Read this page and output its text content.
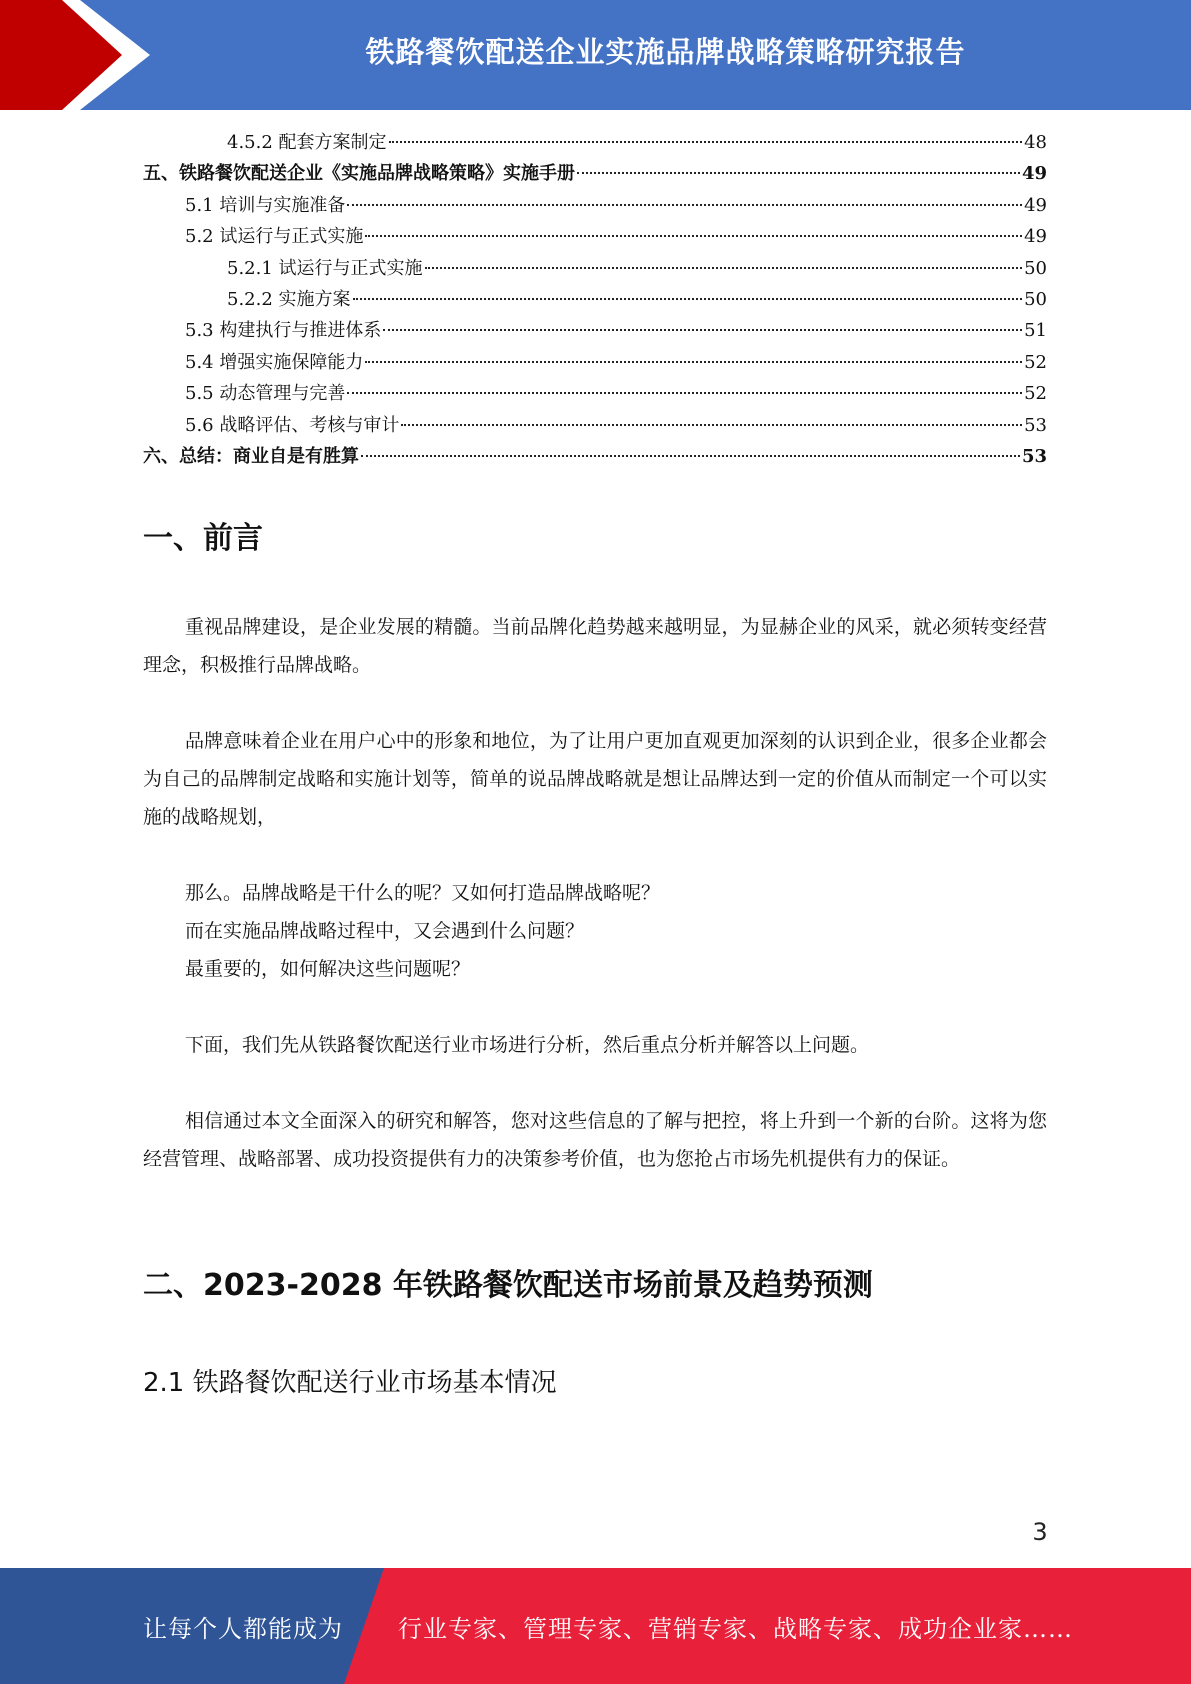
铁路餐饮配送企业实施品牌战略策略研究报告
4.5.2 配套方案制定	48
五、铁路餐饮配送企业《实施品牌战略策略》实施手册	49
5.1 培训与实施准备	49
5.2 试运行与正式实施	49
5.2.1 试运行与正式实施	50
5.2.2 实施方案	50
5.3 构建执行与推进体系	51
5.4 增强实施保障能力	52
5.5 动态管理与完善	52
5.6 战略评估、考核与审计	53
六、总结：商业自是有胜算	53
一、前言

重视品牌建设，是企业发展的精髓。当前品牌化趋势越来越明显，为显赫企业的风采，就必须转变经营理念，积极推行品牌战略。

品牌意味着企业在用户心中的形象和地位，为了让用户更加直观更加深刻的认识到企业，很多企业都会为自己的品牌制定战略和实施计划等，简单的说品牌战略就是想让品牌达到一定的价值从而制定一个可以实施的战略规划，

那么。品牌战略是干什么的呢？又如何打造品牌战略呢？
而在实施品牌战略过程中，又会遇到什么问题？
最重要的，如何解决这些问题呢？

下面，我们先从铁路餐饮配送行业市场进行分析，然后重点分析并解答以上问题。

相信通过本文全面深入的研究和解答，您对这些信息的了解与把控，将上升到一个新的台阶。这将为您经营管理、战略部署、成功投资提供有力的决策参考价值，也为您抢占市场先机提供有力的保证。

二、2023-2028 年铁路餐饮配送市场前景及趋势预测
2.1 铁路餐饮配送行业市场基本情况
3
让每个人都能成为 行业专家、管理专家、营销专家、战略专家、成功企业家……
